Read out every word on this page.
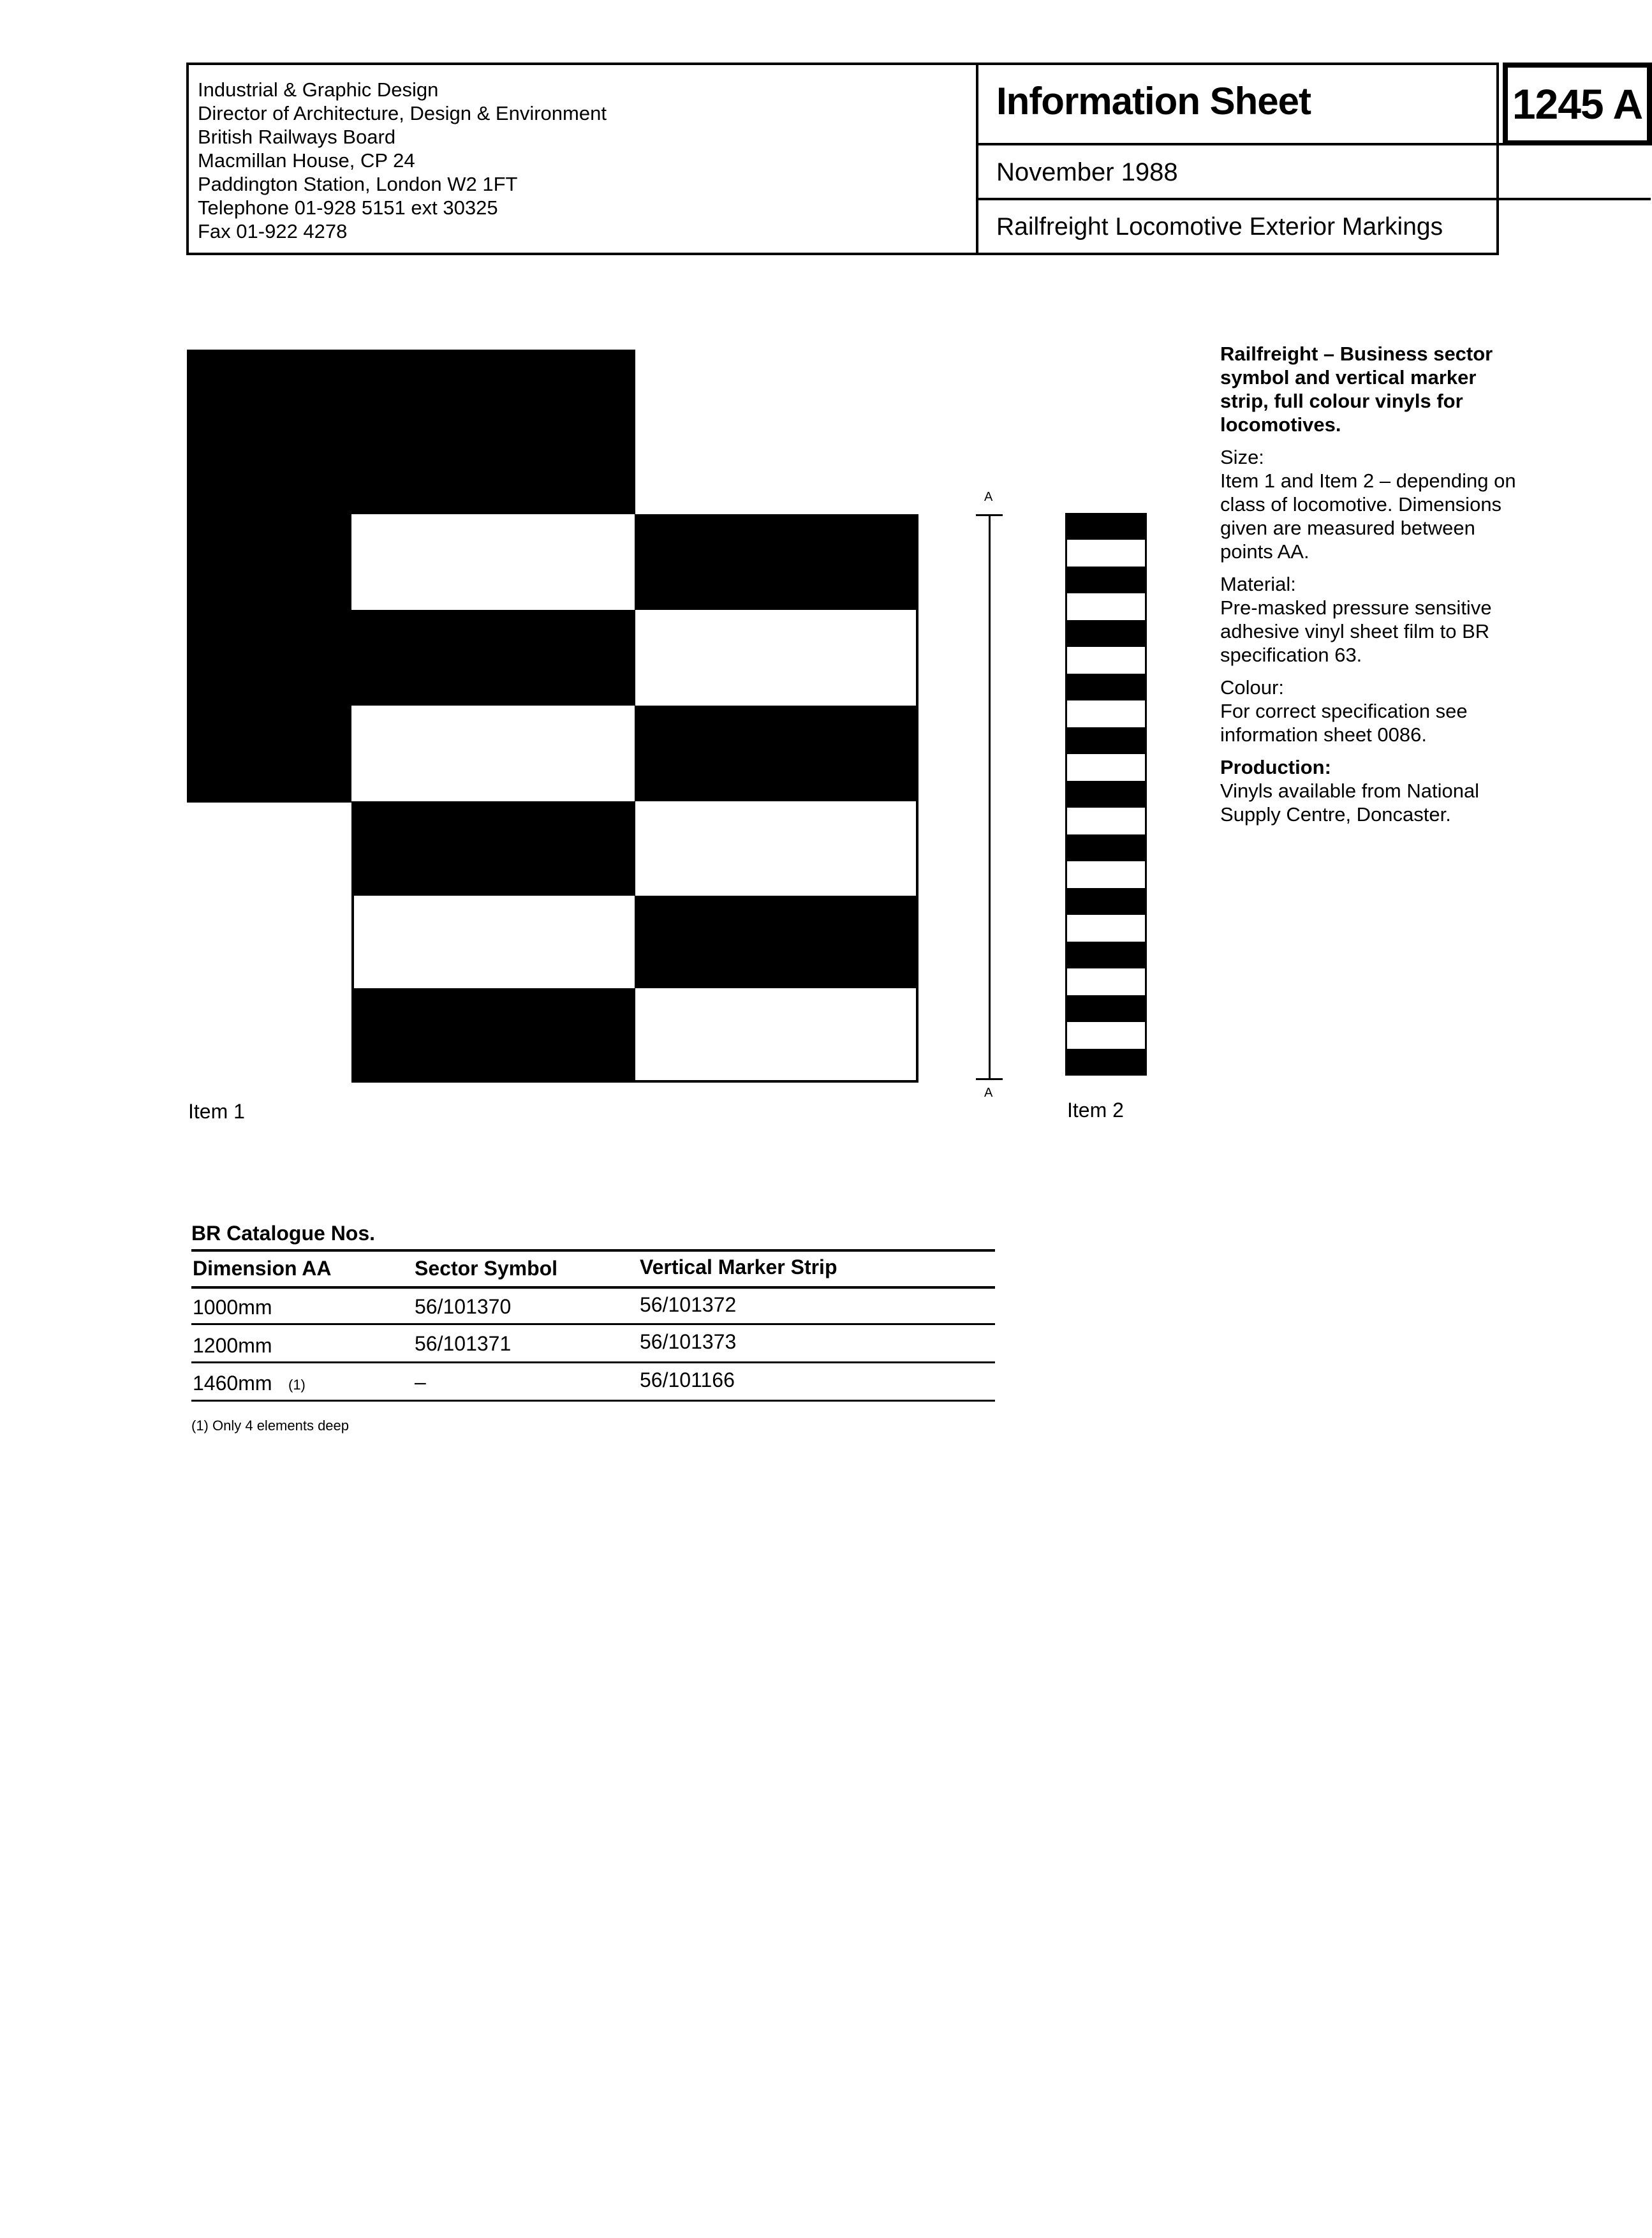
Industrial & Graphic Design
Director of Architecture, Design & Environment
British Railways Board
Macmillan House, CP 24
Paddington Station, London W2 1FT
Telephone 01-928 5151 ext 30325
Fax 01-922 4278
Information Sheet	1245 A
November 1988
Railfreight Locomotive Exterior Markings
Item 1
A
A
Item 2

Railfreight – Business sector symbol and vertical marker strip, full colour vinyls for locomotives.

Size:

Item 1 and Item 2 – depending on class of locomotive. Dimensions given are measured between points AA.

Material:

Pre-masked pressure sensitive adhesive vinyl sheet film to BR specification 63.

Colour:

For correct specification see information sheet 0086.

Production:

Vinyls available from National Supply Centre, Doncaster.

BR Catalogue Nos.
Dimension AA	Sector Symbol	Vertical Marker Strip
1000mm	56/101370	56/101372
1200mm	56/101371	56/101373
1460mm (1)	–	56/101166
(1) Only 4 elements deep
